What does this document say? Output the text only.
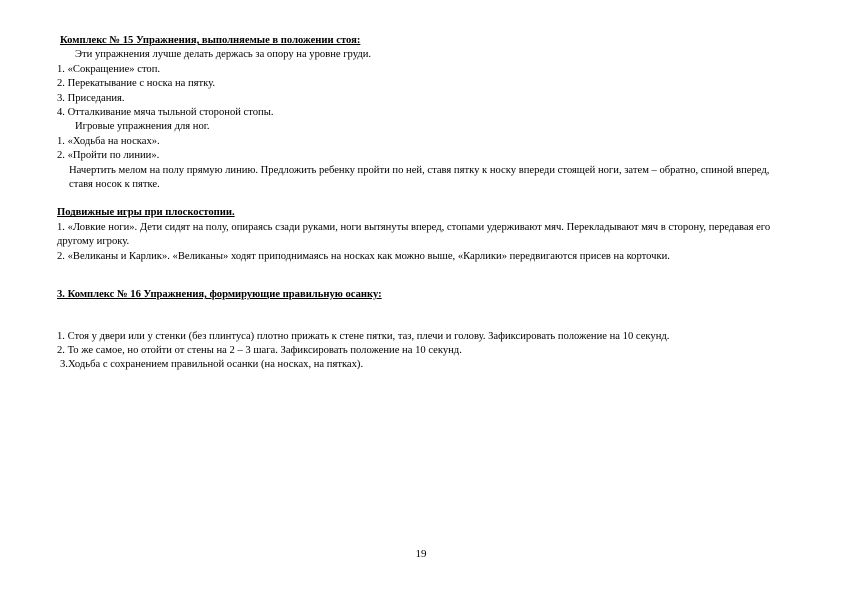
Комплекс № 15 Упражнения, выполняемые в положении стоя:

Эти упражнения лучше делать держась за опору на уровне груди.

1. «Сокращение» стоп.

2. Перекатывание с носка на пятку.

3. Приседания.

4. Отталкивание мяча тыльной стороной стопы.

Игровые упражнения для ног.

1. «Ходьба на носках».

2. «Пройти по линии».

Начертить мелом на полу прямую линию. Предложить ребенку пройти по ней, ставя пятку к носку впереди стоящей ноги, затем – обратно, спиной вперед, ставя носок к пятке.

Подвижные игры при плоскостопии.

1. «Ловкие ноги». Дети сидят на полу, опираясь сзади руками, ноги вытянуты вперед, стопами удерживают мяч. Перекладывают мяч в сторону, передавая его другому игроку.

2. «Великаны и Карлик». «Великаны» ходят приподнимаясь на носках как можно выше, «Карлики» передвигаются присев на корточки.

3. Комплекс № 16 Упражнения, формирующие правильную осанку:

1. Стоя у двери или у стенки (без плинтуса) плотно прижать к стене пятки, таз, плечи и голову. Зафиксировать положение на 10 секунд.

2. То же самое, но отойти от стены на 2 – 3 шага. Зафиксировать положение на 10 секунд.

3.Ходьба с сохранением правильной осанки (на носках, на пятках).

19
